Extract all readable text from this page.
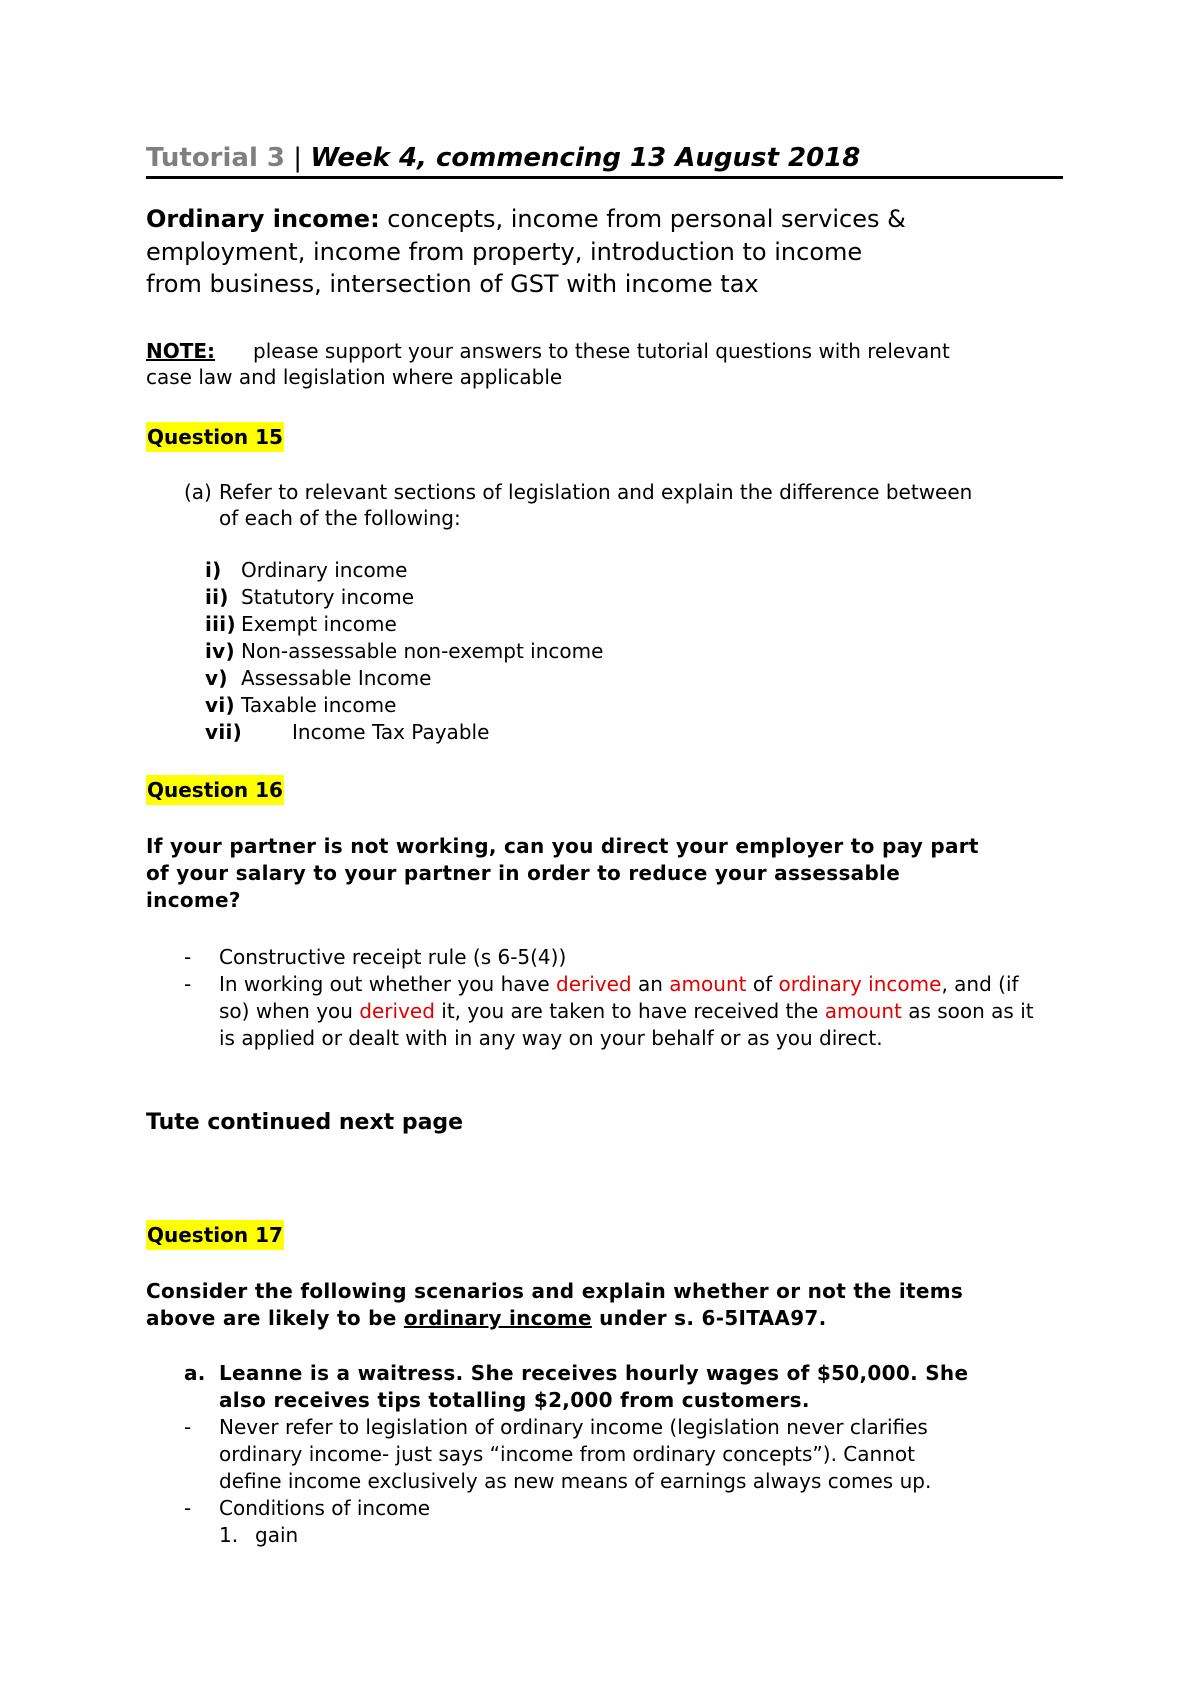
Tutorial 3 | Week 4, commencing 13 August 2018
Ordinary income: concepts, income from personal services &
employment, income from property, introduction to income
from business, intersection of GST with income tax
NOTE: please support your answers to these tutorial questions with relevant
case law and legislation where applicable
Question 15
(a) Refer to relevant sections of legislation and explain the difference between
of each of the following:
i) Ordinary income
ii) Statutory income
iii) Exempt income
iv) Non-assessable non-exempt income
v) Assessable Income
vi) Taxable income
vii) Income Tax Payable
Question 16
If your partner is not working, can you direct your employer to pay part
of your salary to your partner in order to reduce your assessable
income?
- Constructive receipt rule (s 6-5(4))
- In working out whether you have derived an amount of ordinary income, and (if
so) when you derived it, you are taken to have received the amount as soon as it
is applied or dealt with in any way on your behalf or as you direct.
Tute continued next page
Question 17
Consider the following scenarios and explain whether or not the items
above are likely to be ordinary income under s. 6-5ITAA97.
a. Leanne is a waitress. She receives hourly wages of $50,000. She
also receives tips totalling $2,000 from customers.
- Never refer to legislation of ordinary income (legislation never clarifies
ordinary income- just says “income from ordinary concepts”). Cannot
define income exclusively as new means of earnings always comes up.
- Conditions of income
1. gain
